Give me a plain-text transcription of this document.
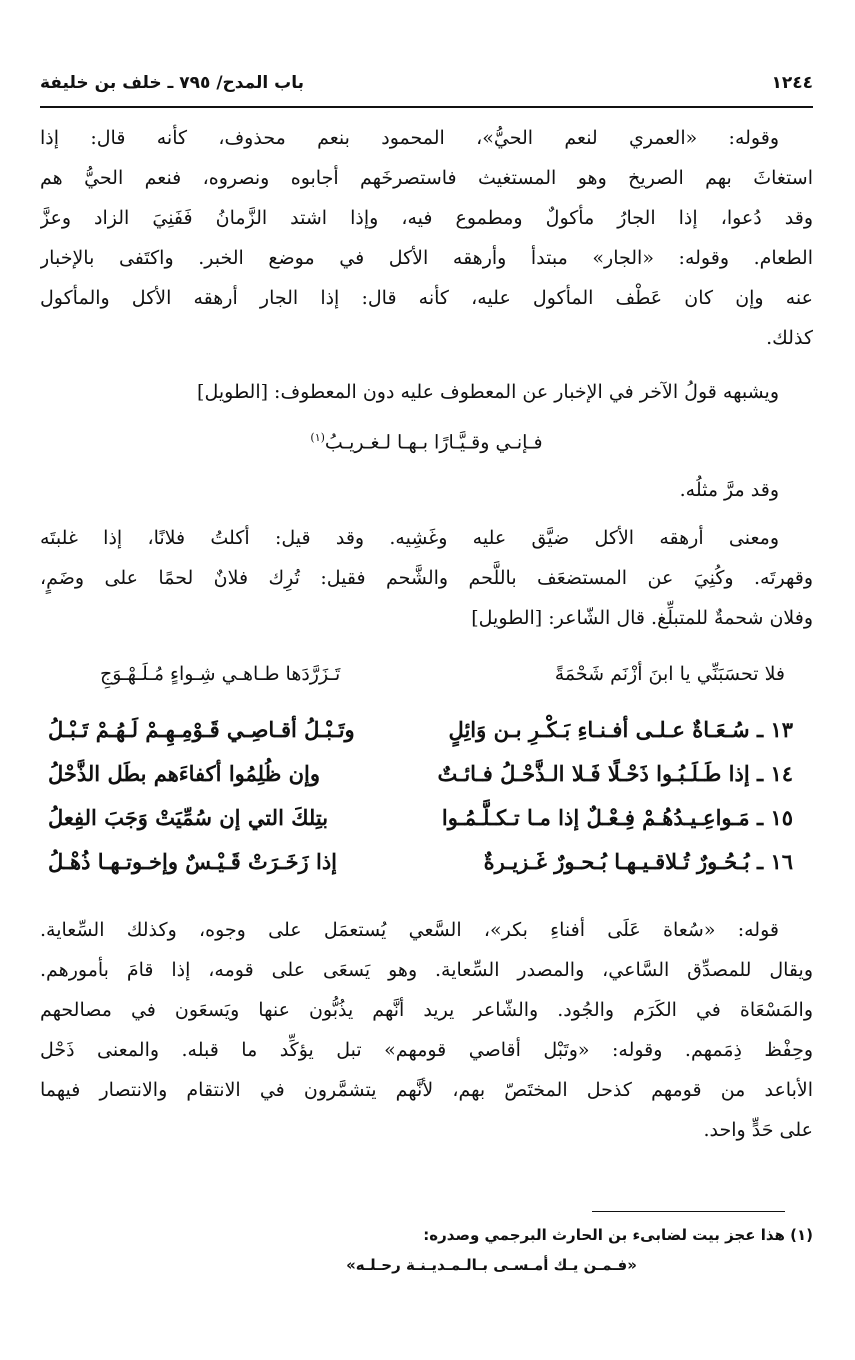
١٢٤٤
باب المدح/ ٧٩٥ ـ خلف بن خليفة
وقوله: «العمري لنعم الحيُّ»، المحمود بنعم محذوف، كأنه قال: إذا
استغاثَ بهم الصريخ وهو المستغيث فاستصرخَهم أجابوه ونصروه، فنعم الحيُّ هم
وقد دُعوا، إذا الجارُ مأكولٌ ومطموع فيه، وإذا اشتد الزَّمانُ فَفَنِيَ الزاد وعزَّ
الطعام. وقوله: «الجار» مبتدأ وأرهقه الأكل في موضع الخبر. واكتَفى بالإخبار
عنه وإن كان عَطْف المأكول عليه، كأنه قال: إذا الجار أرهقه الأكل والمأكول
كذلك.
ويشبهه قولُ الآخر في الإخبار عن المعطوف عليه دون المعطوف: [الطويل]
فـإنـي وقـيَّـارًا بـهـا لـغـريـبُ$^{(١)}$
وقد مرَّ مثلُه.
ومعنى أرهقه الأكل ضيَّق عليه وغَشِيه. وقد قيل: أكلتُ فلانًا، إذا غلبتَه
وقهرتَه. وكُنِيَ عن المستضعَف باللَّحم والشَّحم فقيل: تُرِك فلانٌ لحمًا على وضَمٍ،
وفلان شحمةٌ للمتبلِّغ. قال الشّاعر: [الطويل]
فلا تحسَبَنِّي يا ابنَ أزْنَم شَحْمَةً
تَـزَرَّدَها طـاهـي شِـواءٍ مُـلَـهْـوَجِ
١٣ ـ سُـعَـاةٌ عـلـى أفـنـاءِ بَـكْـرِ بـن وَائِلٍ
وتَـبْـلُ أقـاصِـي قَـوْمِـهِـمْ لَـهُـمْ تَـبْـلُ
١٤ ـ إذا طَـلَـبُـوا ذَحْـلًا فَـلا الـذَّحْـلُ فـائـتٌ
وإن ظُلِمُوا أكفاءَهم بطَل الذَّحْلُ
١٥ ـ مَـواعِـيـدُهُـمْ فِـعْـلٌ إذا مـا تـكـلَّـمُـوا
بتِلكَ التي إن سُمِّيَتْ وَجَبَ الفِعلُ
١٦ ـ بُـحُـورٌ تُـلاقـيـهـا بُـحـورٌ غَـزيـرةٌ
إذا زَخَـرَتْ قَـيْـسٌ وإخـوتـهـا ذُهْـلُ
قوله: «سُعاة عَلَى أفناءِ بكر»، السَّعي يُستعمَل على وجوه، وكذلك السِّعاية.
ويقال للمصدِّق السَّاعي، والمصدر السِّعاية. وهو يَسعَى على قومه، إذا قامَ بأمورهم.
والمَسْعَاة في الكَرَم والجُود. والشّاعر يريد أنَّهم يذُبُّون عنها ويَسعَون في مصالحهم
وحِفْظ ذِمَمهم. وقوله: «وتَبْل أقاصي قومهم» تبل يؤكِّد ما قبله. والمعنى ذَحْل
الأباعد من قومهم كذحل المختَصّ بهم، لأنَّهم يتشمَّرون في الانتقام والانتصار فيهما
على حَدٍّ واحد.
(١) هذا عجز بيت لضابىء بن الحارث البرجمي وصدره:
«فـمـن يـك أمـسـى بـالـمـديـنـة رحـلـه»
